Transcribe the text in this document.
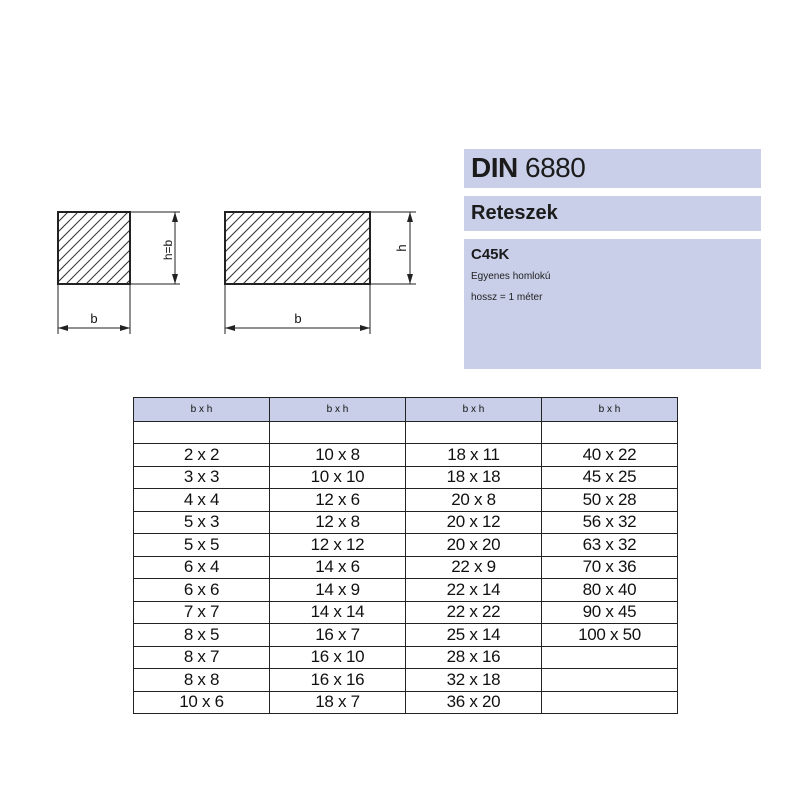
h=b
b
h
b
DIN 6880
Reteszek
C45K
Egyenes homlokú
hossz = 1 méter
b x h	b x h	b x h	b x h

2 x 2	10 x 8	18 x 11	40 x 22
3 x 3	10 x 10	18 x 18	45 x 25
4 x 4	12 x 6	20 x 8	50 x 28
5 x 3	12 x 8	20 x 12	56 x 32
5 x 5	12 x 12	20 x 20	63 x 32
6 x 4	14 x 6	22 x 9	70 x 36
6 x 6	14 x 9	22 x 14	80 x 40
7 x 7	14 x 14	22 x 22	90 x 45
8 x 5	16 x 7	25 x 14	100 x 50
8 x 7	16 x 10	28 x 16	
8 x 8	16 x 16	32 x 18	
10 x 6	18 x 7	36 x 20	
